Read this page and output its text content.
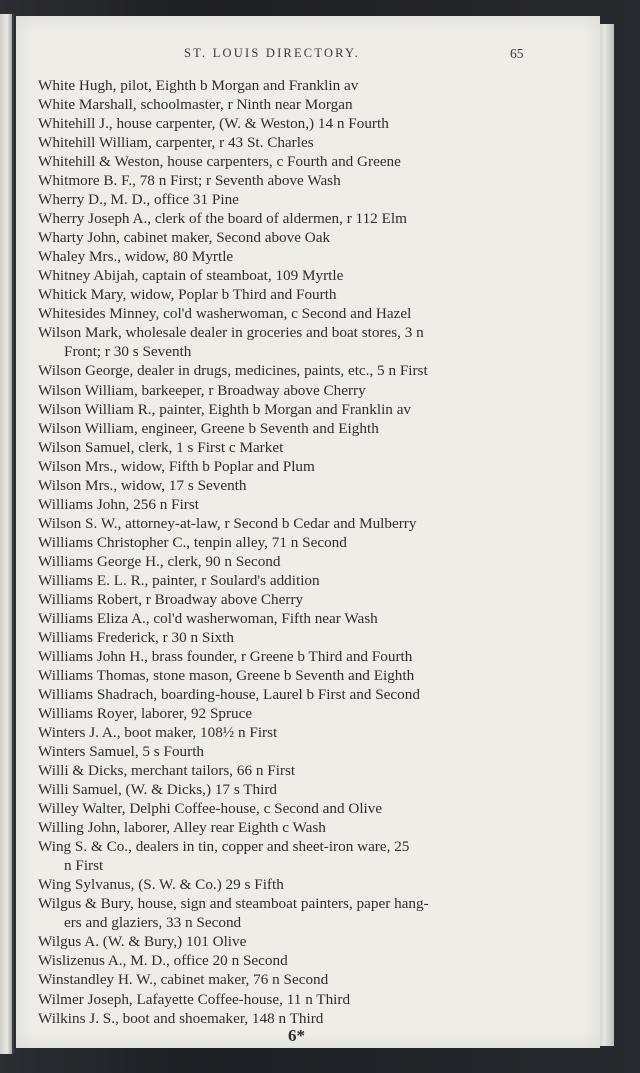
ST. LOUIS DIRECTORY.	65
White Hugh, pilot, Eighth b Morgan and Franklin av
White Marshall, schoolmaster, r Ninth near Morgan
Whitehill J., house carpenter, (W. & Weston,) 14 n Fourth
Whitehill William, carpenter, r 43 St. Charles
Whitehill & Weston, house carpenters, c Fourth and Greene
Whitmore B. F., 78 n First; r Seventh above Wash
Wherry D., M. D., office 31 Pine
Wherry Joseph A., clerk of the board of aldermen, r 112 Elm
Wharty John, cabinet maker, Second above Oak
Whaley Mrs., widow, 80 Myrtle
Whitney Abijah, captain of steamboat, 109 Myrtle
Whitick Mary, widow, Poplar b Third and Fourth
Whitesides Minney, col'd washerwoman, c Second and Hazel
Wilson Mark, wholesale dealer in groceries and boat stores, 3 n
Front; r 30 s Seventh
Wilson George, dealer in drugs, medicines, paints, etc., 5 n First
Wilson William, barkeeper, r Broadway above Cherry
Wilson William R., painter, Eighth b Morgan and Franklin av
Wilson William, engineer, Greene b Seventh and Eighth
Wilson Samuel, clerk, 1 s First c Market
Wilson Mrs., widow, Fifth b Poplar and Plum
Wilson Mrs., widow, 17 s Seventh
Williams John, 256 n First
Wilson S. W., attorney-at-law, r Second b Cedar and Mulberry
Williams Christopher C., tenpin alley, 71 n Second
Williams George H., clerk, 90 n Second
Williams E. L. R., painter, r Soulard's addition
Williams Robert, r Broadway above Cherry
Williams Eliza A., col'd washerwoman, Fifth near Wash
Williams Frederick, r 30 n Sixth
Williams John H., brass founder, r Greene b Third and Fourth
Williams Thomas, stone mason, Greene b Seventh and Eighth
Williams Shadrach, boarding-house, Laurel b First and Second
Williams Royer, laborer, 92 Spruce
Winters J. A., boot maker, 108½ n First
Winters Samuel, 5 s Fourth
Willi & Dicks, merchant tailors, 66 n First
Willi Samuel, (W. & Dicks,) 17 s Third
Willey Walter, Delphi Coffee-house, c Second and Olive
Willing John, laborer, Alley rear Eighth c Wash
Wing S. & Co., dealers in tin, copper and sheet-iron ware, 25
n First
Wing Sylvanus, (S. W. & Co.) 29 s Fifth
Wilgus & Bury, house, sign and steamboat painters, paper hang-
ers and glaziers, 33 n Second
Wilgus A. (W. & Bury,) 101 Olive
Wislizenus A., M. D., office 20 n Second
Winstandley H. W., cabinet maker, 76 n Second
Wilmer Joseph, Lafayette Coffee-house, 11 n Third
Wilkins J. S., boot and shoemaker, 148 n Third
6*
